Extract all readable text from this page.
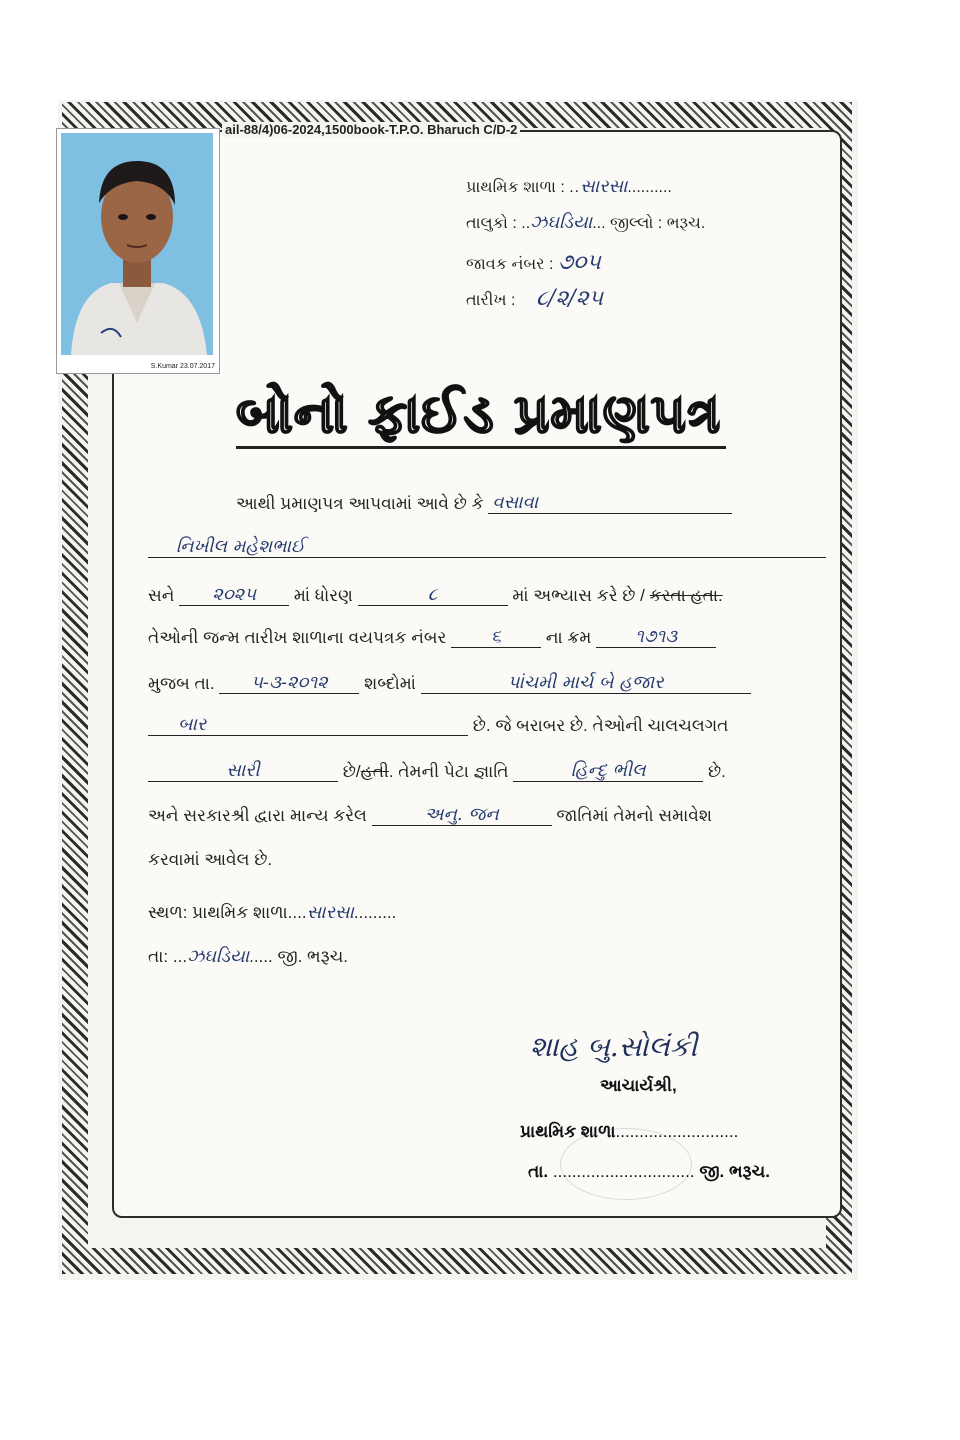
ail-88/4)06-2024,1500book-T.P.O. Bharuch C/D-2
S.Kumar 23.07.2017
પ્રાથમિક શાળા : ..સારસા..........
તાલુકો : ..ઝઘડિયા... જીલ્લો : ભરૂચ.
જાવક નંબર : ૭૦૫
તારીખ : ૮/૨/૨૫
બોનો ફાઈડ પ્રમાણપત્ર
આથી પ્રમાણપત્ર આપવામાં આવે છે કે વસાવા
નિખીલ મહેશભાઈ
સને ૨૦૨૫ માં ધોરણ	૮	માં અભ્યાસ કરે છે / કરતા હતા.
તેઓની જન્મ તારીખ શાળાના વયપત્રક નંબર ૬	ના ક્રમ ૧૭૧૩
મુજબ તા. ૫-૩-૨૦૧૨ શબ્દોમાં	પાંચમી માર્ચ બે હજાર
બાર	છે. જે બરાબર છે. તેઓની ચાલચલગત
સારી	છે/હતી. તેમની પેટા જ્ઞાતિ	હિન્દુ ભીલ	છે.
અને સરકારશ્રી દ્વારા માન્ય કરેલ	અનુ. જન	જાતિમાં તેમનો સમાવેશ
કરવામાં આવેલ છે.
સ્થળ: પ્રાથમિક શાળા....સારસા.........
તા: ...ઝઘડિયા..... જી. ભરૂચ.
શાહ બુ.સોલંકી
આચાર્યશ્રી,
પ્રાથમિક શાળા..........................
તા. .............................. જી. ભરૂચ.
